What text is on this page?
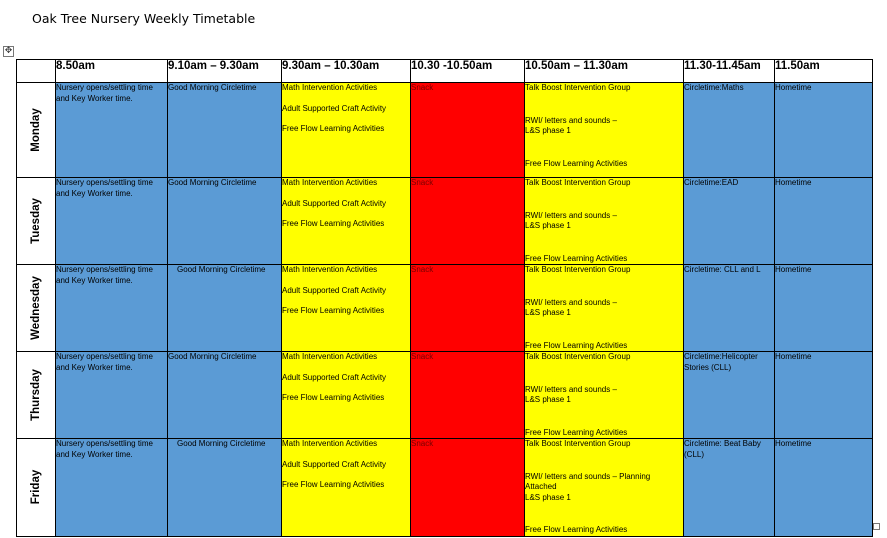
Oak Tree Nursery Weekly Timetable
✥
	8.50am	9.10am – 9.30am	9.30am – 10.30am	10.30 -10.50am	10.50am – 11.30am	11.30-11.45am	11.50am

Monday	Nursery opens/settling time
and Key Worker time.	Good Morning Circletime	Math Intervention Activities
Adult Supported Craft Activity
Free Flow Learning Activities	Snack	Talk Boost Intervention Group
RWI/ letters and sounds –
L&S phase 1
Free Flow Learning Activities	Circletime:Maths	Hometime

Tuesday	Nursery opens/settling time
and Key Worker time.	Good Morning Circletime	Math Intervention Activities
Adult Supported Craft Activity
Free Flow Learning Activities	Snack	Talk Boost Intervention Group
RWI/ letters and sounds –
L&S phase 1
Free Flow Learning Activities	Circletime:EAD	Hometime

Wednesday	Nursery opens/settling time
and Key Worker time.	Good Morning Circletime	Math Intervention Activities
Adult Supported Craft Activity
Free Flow Learning Activities	Snack	Talk Boost Intervention Group
RWI/ letters and sounds –
L&S phase 1
Free Flow Learning Activities	Circletime: CLL and L	Hometime

Thursday	Nursery opens/settling time
and Key Worker time.	Good Morning Circletime	Math Intervention Activities
Adult Supported Craft Activity
Free Flow Learning Activities	Snack	Talk Boost Intervention Group
RWI/ letters and sounds –
L&S phase 1
Free Flow Learning Activities	Circletime:Helicopter
Stories (CLL)	Hometime

Friday	Nursery opens/settling time
and Key Worker time.	Good Morning Circletime	Math Intervention Activities
Adult Supported Craft Activity
Free Flow Learning Activities	Snack	Talk Boost Intervention Group
RWI/ letters and sounds – Planning
Attached
L&S phase 1
Free Flow Learning Activities	Circletime: Beat Baby
(CLL)	Hometime
